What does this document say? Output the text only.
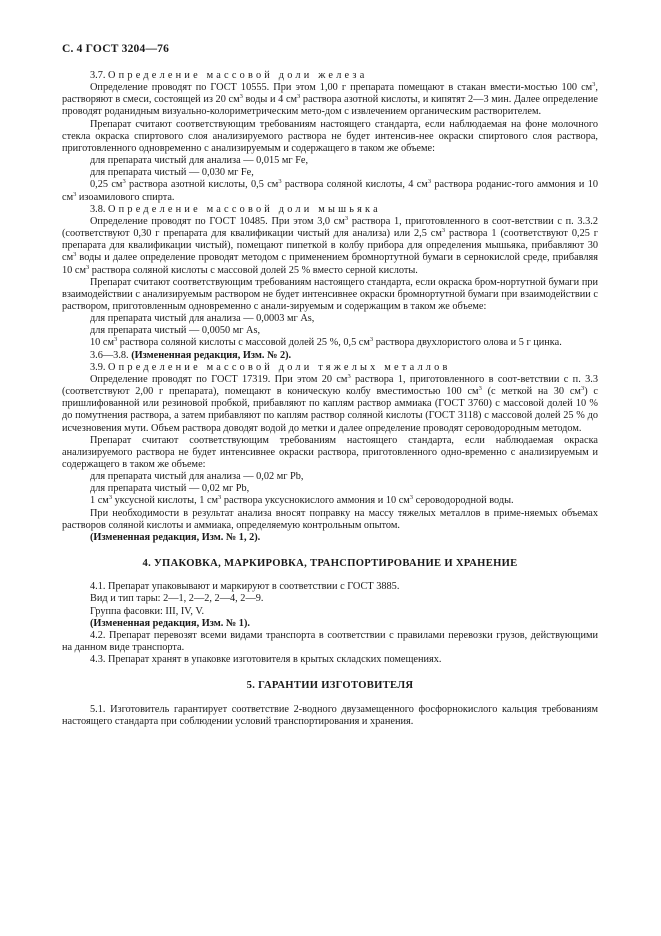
С. 4 ГОСТ 3204—76

3.7. Определение массовой доли железа

Определение проводят по ГОСТ 10555. При этом 1,00 г препарата помещают в стакан вмести-мостью 100 $см^3$, растворяют в смеси, состоящей из 20 $см^3$ воды и 4 $см^3$ раствора азотной кислоты, и кипятят 2—3 мин. Далее определение проводят роданидным визуально-колориметрическим мето-дом с извлечением органическим растворителем.

Препарат считают соответствующим требованиям настоящего стандарта, если наблюдаемая на фоне молочного стекла окраска спиртового слоя анализируемого раствора не будет интенсив-нее окраски спиртового слоя раствора, приготовленного одновременно с анализируемым и содержащего в таком же объеме:

для препарата чистый для анализа — 0,015 мг Fe,

для препарата чистый — 0,030 мг Fe,

0,25 $см^3$ раствора азотной кислоты, 0,5 $см^3$ раствора соляной кислоты, 4 $см^3$ раствора роданис-того аммония и 10 $см^3$ изоамилового спирта.

3.8. Определение массовой доли мышьяка

Определение проводят по ГОСТ 10485. При этом 3,0 $см^3$ раствора 1, приготовленного в соот-ветствии с п. 3.3.2 (соответствуют 0,30 г препарата для квалификации чистый для анализа) или 2,5 $см^3$ раствора 1 (соответствуют 0,25 г препарата для квалификации чистый), помещают пипеткой в колбу прибора для определения мышьяка, прибавляют 30 $см^3$ воды и далее определение проводят методом с применением бромнортутной бумаги в сернокислой среде, прибавляя 10 $см^3$ раствора соляной кислоты с массовой долей 25 % вместо серной кислоты.

Препарат считают соответствующим требованиям настоящего стандарта, если окраска бром-нортутной бумаги при взаимодействии с анализируемым раствором не будет интенсивнее окраски бромнортутной бумаги при взаимодействии с раствором, приготовленным одновременно с анали-зируемым и содержащим в таком же объеме:

для препарата чистый для анализа — 0,0003 мг As,

для препарата чистый — 0,0050 мг As,

10 $см^3$ раствора соляной кислоты с массовой долей 25 %, 0,5 $см^3$ раствора двухлористого олова и 5 г цинка.

3.6—3.8. (Измененная редакция, Изм. № 2).

3.9. Определение массовой доли тяжелых металлов

Определение проводят по ГОСТ 17319. При этом 20 $см^3$ раствора 1, приготовленного в соот-ветствии с п. 3.3 (соответствуют 2,00 г препарата), помещают в коническую колбу вместимостью 100 $см^3$ (с меткой на 30 $см^3$) с пришлифованной или резиновой пробкой, прибавляют по каплям раствор аммиака (ГОСТ 3760) с массовой долей 10 % до помутнения раствора, а затем прибавляют по каплям раствор соляной кислоты (ГОСТ 3118) с массовой долей 25 % до исчезновения мути. Объем раствора доводят водой до метки и далее определение проводят сероводородным методом.

Препарат считают соответствующим требованиям настоящего стандарта, если наблюдаемая окраска анализируемого раствора не будет интенсивнее окраски раствора, приготовленного одно-временно с анализируемым и содержащего в таком же объеме:

для препарата чистый для анализа — 0,02 мг Pb,

для препарата чистый — 0,02 мг Pb,

1 $см^3$ уксусной кислоты, 1 $см^3$ раствора уксуснокислого аммония и 10 $см^3$ сероводородной воды.

При необходимости в результат анализа вносят поправку на массу тяжелых металлов в приме-няемых объемах растворов соляной кислоты и аммиака, определяемую контрольным опытом.

(Измененная редакция, Изм. № 1, 2).

4. УПАКОВКА, МАРКИРОВКА, ТРАНСПОРТИРОВАНИЕ И ХРАНЕНИЕ

4.1. Препарат упаковывают и маркируют в соответствии с ГОСТ 3885.

Вид и тип тары: 2—1, 2—2, 2—4, 2—9.

Группа фасовки: III, IV, V.

(Измененная редакция, Изм. № 1).

4.2. Препарат перевозят всеми видами транспорта в соответствии с правилами перевозки грузов, действующими на данном виде транспорта.

4.3. Препарат хранят в упаковке изготовителя в крытых складских помещениях.

5. ГАРАНТИИ ИЗГОТОВИТЕЛЯ

5.1. Изготовитель гарантирует соответствие 2-водного двузамещенного фосфорнокислого кальция требованиям настоящего стандарта при соблюдении условий транспортирования и хранения.
